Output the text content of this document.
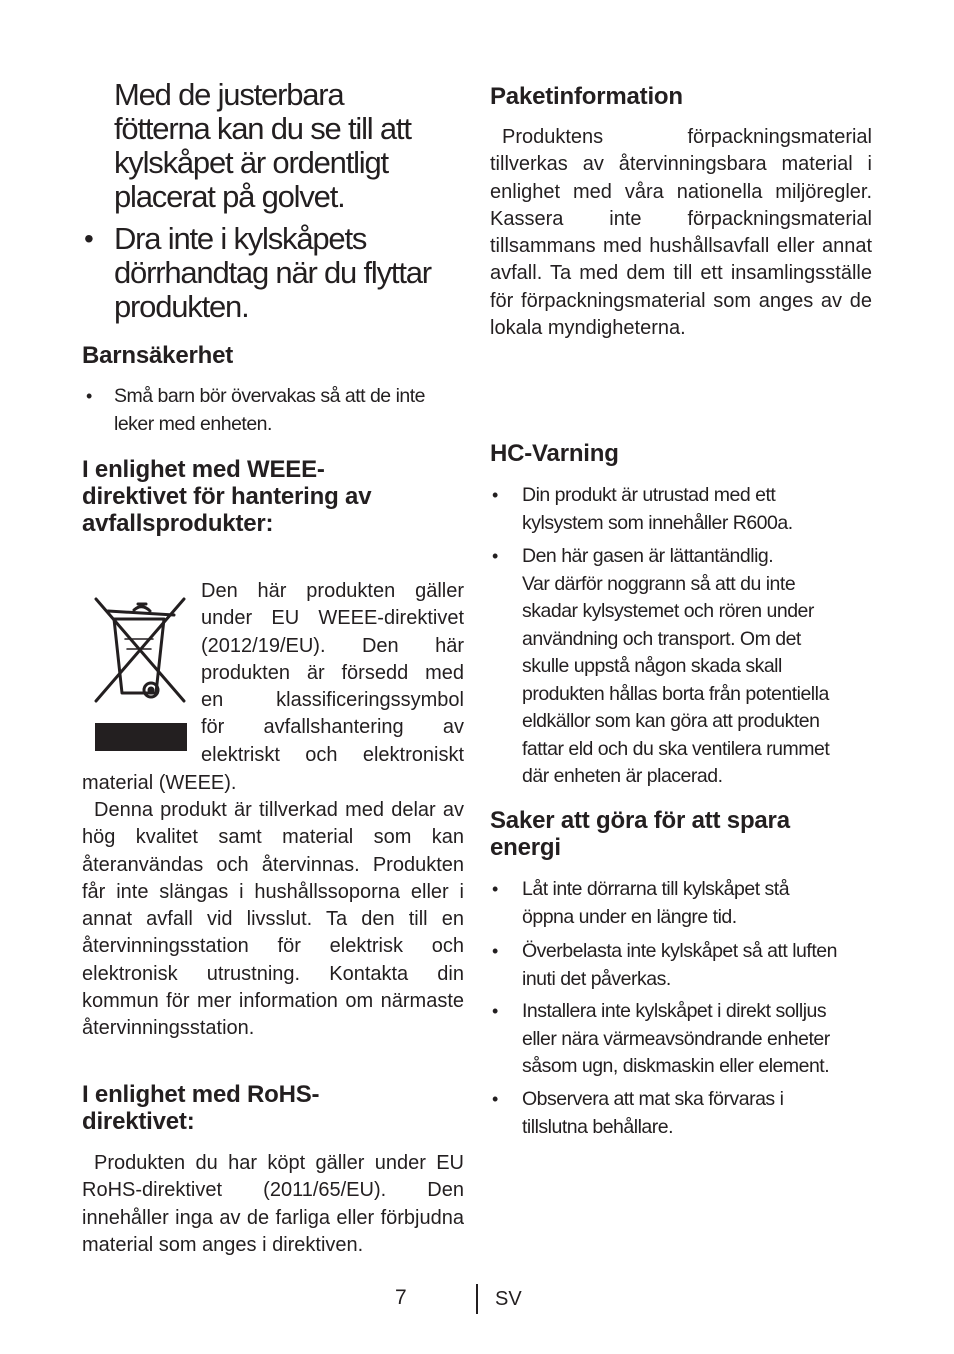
Med de justerbara
fötterna kan du se till att
kylskåpet är ordentligt
placerat på golvet.
• Dra inte i kylskåpets
dörrhandtag när du flyttar
produkten.
Barnsäkerhet
• Små barn bör övervakas så att de inte
leker med enheten.
I enlighet med WEEE-
direktivet för hantering av
avfallsprodukter:
Den här produkten gäller
under EU WEEE-direktivet
(2012/19/EU). Den här
produkten är försedd med
en klassificeringssymbol
för avfallshantering av
elektriskt och elektroniskt
material (WEEE).
Denna produkt är tillverkad med delar av hög kvalitet samt material som kan återanvändas och återvinnas. Produkten får inte slängas i hushållssoporna eller i annat avfall vid livsslut. Ta den till en återvinningsstation för elektrisk och elektronisk utrustning. Kontakta din kommun för mer information om närmaste återvinningsstation.
I enlighet med RoHS-
direktivet:
Produkten du har köpt gäller under EU RoHS-direktivet (2011/65/EU). Den innehåller inga av de farliga eller förbjudna material som anges i direktiven.
Paketinformation
Produktens förpackningsmaterial tillverkas av återvinningsbara material i enlighet med våra nationella miljöregler. Kassera inte förpackningsmaterial tillsammans med hushållsavfall eller annat avfall. Ta med dem till ett insamlingsställe för förpackningsmaterial som anges av de lokala myndigheterna.
HC-Varning
• Din produkt är utrustad med ett
kylsystem som innehåller R600a.
• Den här gasen är lättantändlig.
Var därför noggrann så att du inte
skadar kylsystemet och rören under
användning och transport. Om det
skulle uppstå någon skada skall
produkten hållas borta från potentiella
eldkällor som kan göra att produkten
fattar eld och du ska ventilera rummet
där enheten är placerad.
Saker att göra för att spara
energi
• Låt inte dörrarna till kylskåpet stå
öppna under en längre tid.
• Överbelasta inte kylskåpet så att luften
inuti det påverkas.
• Installera inte kylskåpet i direkt solljus
eller nära värmeavsöndrande enheter
såsom ugn, diskmaskin eller element.
• Observera att mat ska förvaras i
tillslutna behållare.
7	SV
